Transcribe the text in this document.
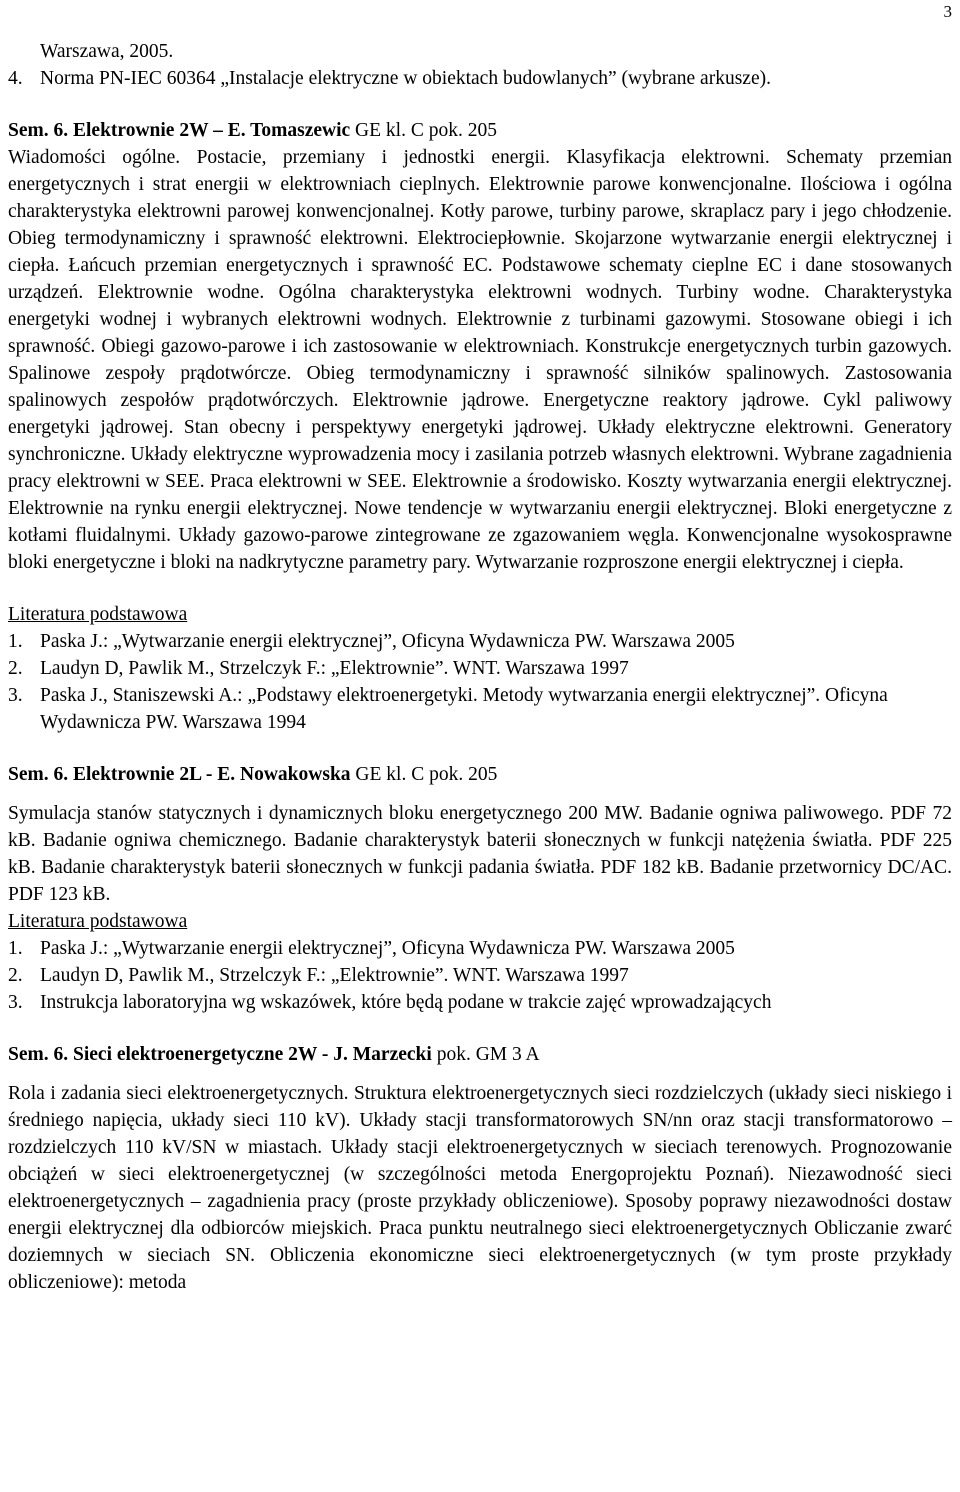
3
Warszawa, 2005.
4. Norma PN-IEC 60364 „Instalacje elektryczne w obiektach budowlanych” (wybrane arkusze).

Sem. 6. Elektrownie 2W – E. Tomaszewic GE kl. C pok. 205

Wiadomości ogólne. Postacie, przemiany i jednostki energii. Klasyfikacja elektrowni. Schematy przemian energetycznych i strat energii w elektrowniach cieplnych. Elektrownie parowe konwencjonalne. Ilościowa i ogólna charakterystyka elektrowni parowej konwencjonalnej. Kotły parowe, turbiny parowe, skraplacz pary i jego chłodzenie. Obieg termodynamiczny i sprawność elektrowni. Elektrociepłownie. Skojarzone wytwarzanie energii elektrycznej i ciepła. Łańcuch przemian energetycznych i sprawność EC. Podstawowe schematy cieplne EC i dane stosowanych urządzeń. Elektrownie wodne. Ogólna charakterystyka elektrowni wodnych. Turbiny wodne. Charakterystyka energetyki wodnej i wybranych elektrowni wodnych. Elektrownie z turbinami gazowymi. Stosowane obiegi i ich sprawność. Obiegi gazowo-parowe i ich zastosowanie w elektrowniach. Konstrukcje energetycznych turbin gazowych. Spalinowe zespoły prądotwórcze. Obieg termodynamiczny i sprawność silników spalinowych. Zastosowania spalinowych zespołów prądotwórczych. Elektrownie jądrowe. Energetyczne reaktory jądrowe. Cykl paliwowy energetyki jądrowej. Stan obecny i perspektywy energetyki jądrowej. Układy elektryczne elektrowni. Generatory synchroniczne. Układy elektryczne wyprowadzenia mocy i zasilania potrzeb własnych elektrowni. Wybrane zagadnienia pracy elektrowni w SEE. Praca elektrowni w SEE. Elektrownie a środowisko. Koszty wytwarzania energii elektrycznej. Elektrownie na rynku energii elektrycznej. Nowe tendencje w wytwarzaniu energii elektrycznej. Bloki energetyczne z kotłami fluidalnymi. Układy gazowo-parowe zintegrowane ze zgazowaniem węgla. Konwencjonalne wysokosprawne bloki energetyczne i bloki na nadkrytyczne parametry pary. Wytwarzanie rozproszone energii elektrycznej i ciepła.

Literatura podstawowa

1. Paska J.: „Wytwarzanie energii elektrycznej”, Oficyna Wydawnicza PW. Warszawa 2005
2. Laudyn D, Pawlik M., Strzelczyk F.: „Elektrownie”. WNT. Warszawa 1997
3. Paska J., Staniszewski A.: „Podstawy elektroenergetyki. Metody wytwarzania energii elektrycznej”. Oficyna Wydawnicza PW. Warszawa 1994

Sem. 6. Elektrownie 2L - E. Nowakowska GE kl. C pok. 205

Symulacja stanów statycznych i dynamicznych bloku energetycznego 200 MW. Badanie ogniwa paliwowego. PDF 72 kB. Badanie ogniwa chemicznego. Badanie charakterystyk baterii słonecznych w funkcji natężenia światła. PDF 225 kB. Badanie charakterystyk baterii słonecznych w funkcji padania światła. PDF 182 kB. Badanie przetwornicy DC/AC. PDF 123 kB.

Literatura podstawowa

1. Paska J.: „Wytwarzanie energii elektrycznej”, Oficyna Wydawnicza PW. Warszawa 2005
2. Laudyn D, Pawlik M., Strzelczyk F.: „Elektrownie”. WNT. Warszawa 1997
3. Instrukcja laboratoryjna wg wskazówek, które będą podane w trakcie zajęć wprowadzających

Sem. 6. Sieci elektroenergetyczne 2W - J. Marzecki pok. GM 3 A

Rola i zadania sieci elektroenergetycznych. Struktura elektroenergetycznych sieci rozdzielczych (układy sieci niskiego i średniego napięcia, układy sieci 110 kV). Układy stacji transformatorowych SN/nn oraz stacji transformatorowo – rozdzielczych 110 kV/SN w miastach. Układy stacji elektroenergetycznych w sieciach terenowych. Prognozowanie obciążeń w sieci elektroenergetycznej (w szczególności metoda Energoprojektu Poznań). Niezawodność sieci elektroenergetycznych – zagadnienia pracy (proste przykłady obliczeniowe). Sposoby poprawy niezawodności dostaw energii elektrycznej dla odbiorców miejskich. Praca punktu neutralnego sieci elektroenergetycznych Obliczanie zwarć doziemnych w sieciach SN. Obliczenia ekonomiczne sieci elektroenergetycznych (w tym proste przykłady obliczeniowe): metoda
